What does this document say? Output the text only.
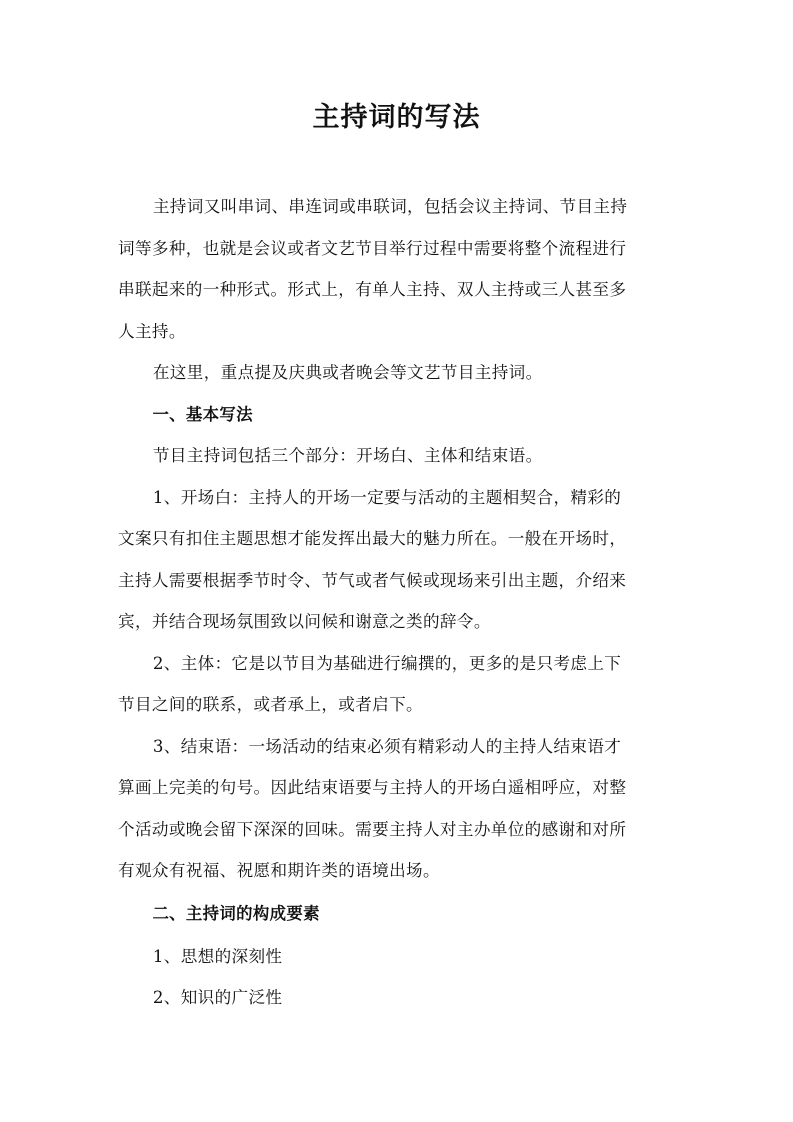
主持词的写法

主持词又叫串词、串连词或串联词，包括会议主持词、节目主持
词等多种，也就是会议或者文艺节目举行过程中需要将整个流程进行
串联起来的一种形式。形式上，有单人主持、双人主持或三人甚至多
人主持。

在这里，重点提及庆典或者晚会等文艺节目主持词。

一、基本写法

节目主持词包括三个部分：开场白、主体和结束语。

1、开场白：主持人的开场一定要与活动的主题相契合，精彩的
文案只有扣住主题思想才能发挥出最大的魅力所在。一般在开场时，
主持人需要根据季节时令、节气或者气候或现场来引出主题，介绍来
宾，并结合现场氛围致以问候和谢意之类的辞令。

2、主体：它是以节目为基础进行编撰的，更多的是只考虑上下
节目之间的联系，或者承上，或者启下。

3、结束语：一场活动的结束必须有精彩动人的主持人结束语才
算画上完美的句号。因此结束语要与主持人的开场白遥相呼应，对整
个活动或晚会留下深深的回味。需要主持人对主办单位的感谢和对所
有观众有祝福、祝愿和期许类的语境出场。

二、主持词的构成要素

1、思想的深刻性

2、知识的广泛性
